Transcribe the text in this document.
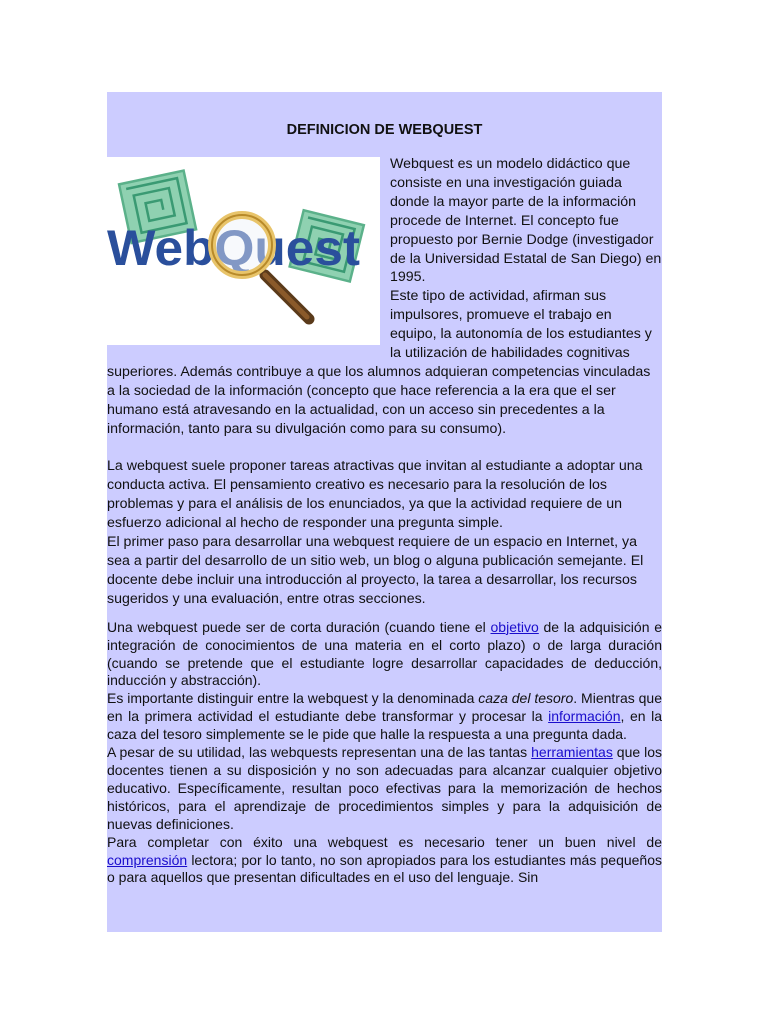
DEFINICION DE WEBQUEST
WebQuest

Webquest es un modelo didáctico que consiste en una investigación guiada donde la mayor parte de la información procede de Internet. El concepto fue propuesto por Bernie Dodge (investigador de la Universidad Estatal de San Diego) en 1995.

Este tipo de actividad, afirman sus impulsores, promueve el trabajo en equipo, la autonomía de los estudiantes y la utilización de habilidades cognitivas superiores. Además contribuye a que los alumnos adquieran competencias vinculadas a la sociedad de la información (concepto que hace referencia a la era que el ser humano está atravesando en la actualidad, con un acceso sin precedentes a la información, tanto para su divulgación como para su consumo).

La webquest suele proponer tareas atractivas que invitan al estudiante a adoptar una conducta activa. El pensamiento creativo es necesario para la resolución de los problemas y para el análisis de los enunciados, ya que la actividad requiere de un esfuerzo adicional al hecho de responder una pregunta simple.

El primer paso para desarrollar una webquest requiere de un espacio en Internet, ya sea a partir del desarrollo de un sitio web, un blog o alguna publicación semejante. El docente debe incluir una introducción al proyecto, la tarea a desarrollar, los recursos sugeridos y una evaluación, entre otras secciones.

Una webquest puede ser de corta duración (cuando tiene el objetivo de la adquisición e integración de conocimientos de una materia en el corto plazo) o de larga duración (cuando se pretende que el estudiante logre desarrollar capacidades de deducción, inducción y abstracción).

Es importante distinguir entre la webquest y la denominada caza del tesoro. Mientras que en la primera actividad el estudiante debe transformar y procesar la información, en la caza del tesoro simplemente se le pide que halle la respuesta a una pregunta dada.

A pesar de su utilidad, las webquests representan una de las tantas herramientas que los docentes tienen a su disposición y no son adecuadas para alcanzar cualquier objetivo educativo. Específicamente, resultan poco efectivas para la memorización de hechos históricos, para el aprendizaje de procedimientos simples y para la adquisición de nuevas definiciones.

Para completar con éxito una webquest es necesario tener un buen nivel de comprensión lectora; por lo tanto, no son apropiados para los estudiantes más pequeños o para aquellos que presentan dificultades en el uso del lenguaje. Sin
